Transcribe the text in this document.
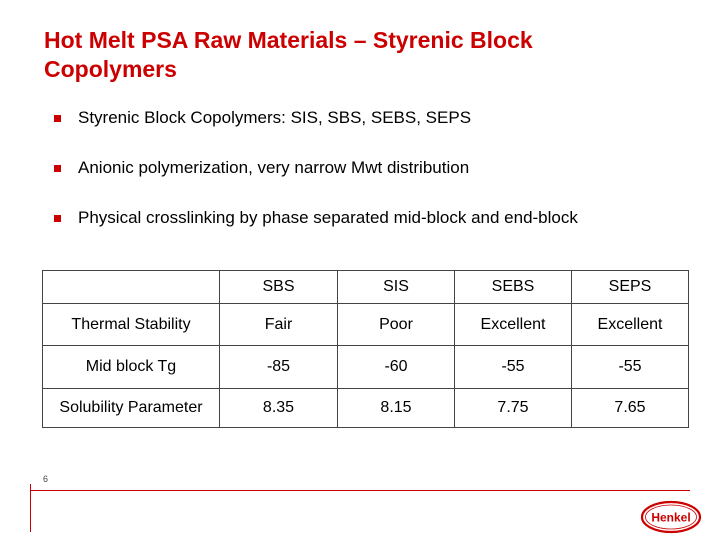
Hot Melt PSA Raw Materials – Styrenic Block Copolymers
Styrenic Block Copolymers: SIS, SBS, SEBS, SEPS
Anionic polymerization, very narrow Mwt distribution
Physical crosslinking by phase separated mid-block and end-block
	SBS	SIS	SEBS	SEPS
Thermal Stability	Fair	Poor	Excellent	Excellent
Mid block Tg	-85	-60	-55	-55
Solubility Parameter	8.35	8.15	7.75	7.65
6
Henkel
